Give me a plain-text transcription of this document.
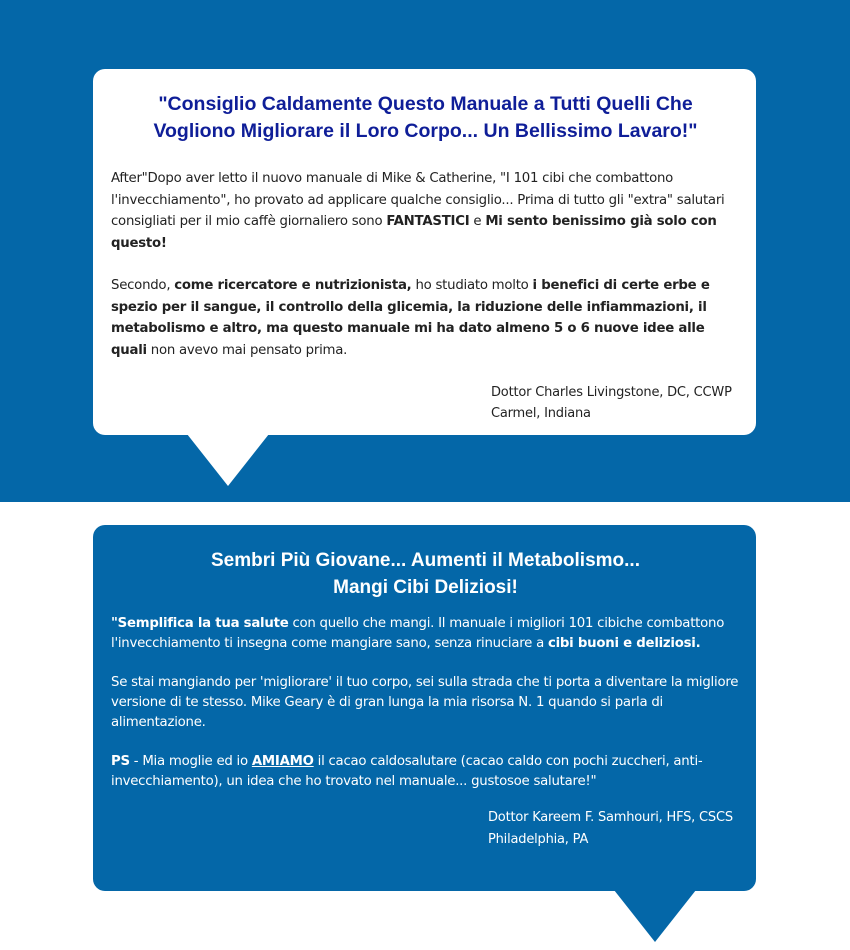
"Consiglio Caldamente Questo Manuale a Tutti Quelli Che
Vogliono Migliorare il Loro Corpo... Un Bellissimo Lavaro!"

After"Dopo aver letto il nuovo manuale di Mike & Catherine, "I 101 cibi che combattono l'invecchiamento", ho provato ad applicare qualche consiglio... Prima di tutto gli "extra" salutari consigliati per il mio caffè giornaliero sono FANTASTICI e Mi sento benissimo già solo con questo!

Secondo, come ricercatore e nutrizionista, ho studiato molto i benefici di certe erbe e spezio per il sangue, il controllo della glicemia, la riduzione delle infiammazioni, il metabolismo e altro, ma questo manuale mi ha dato almeno 5 o 6 nuove idee alle quali non avevo mai pensato prima.

Dottor Charles Livingstone, DC, CCWP
Carmel, Indiana
Sembri Più Giovane... Aumenti il Metabolismo...
Mangi Cibi Deliziosi!

"Semplifica la tua salute con quello che mangi. Il manuale i migliori 101 cibiche combattono l'invecchiamento ti insegna come mangiare sano, senza rinuciare a cibi buoni e deliziosi.

Se stai mangiando per 'migliorare' il tuo corpo, sei sulla strada che ti porta a diventare la migliore versione di te stesso. Mike Geary è di gran lunga la mia risorsa N. 1 quando si parla di alimentazione.

PS - Mia moglie ed io AMIAMO il cacao caldosalutare (cacao caldo con pochi zuccheri, anti-invecchiamento), un idea che ho trovato nel manuale... gustosoe salutare!"

Dottor Kareem F. Samhouri, HFS, CSCS
Philadelphia, PA
